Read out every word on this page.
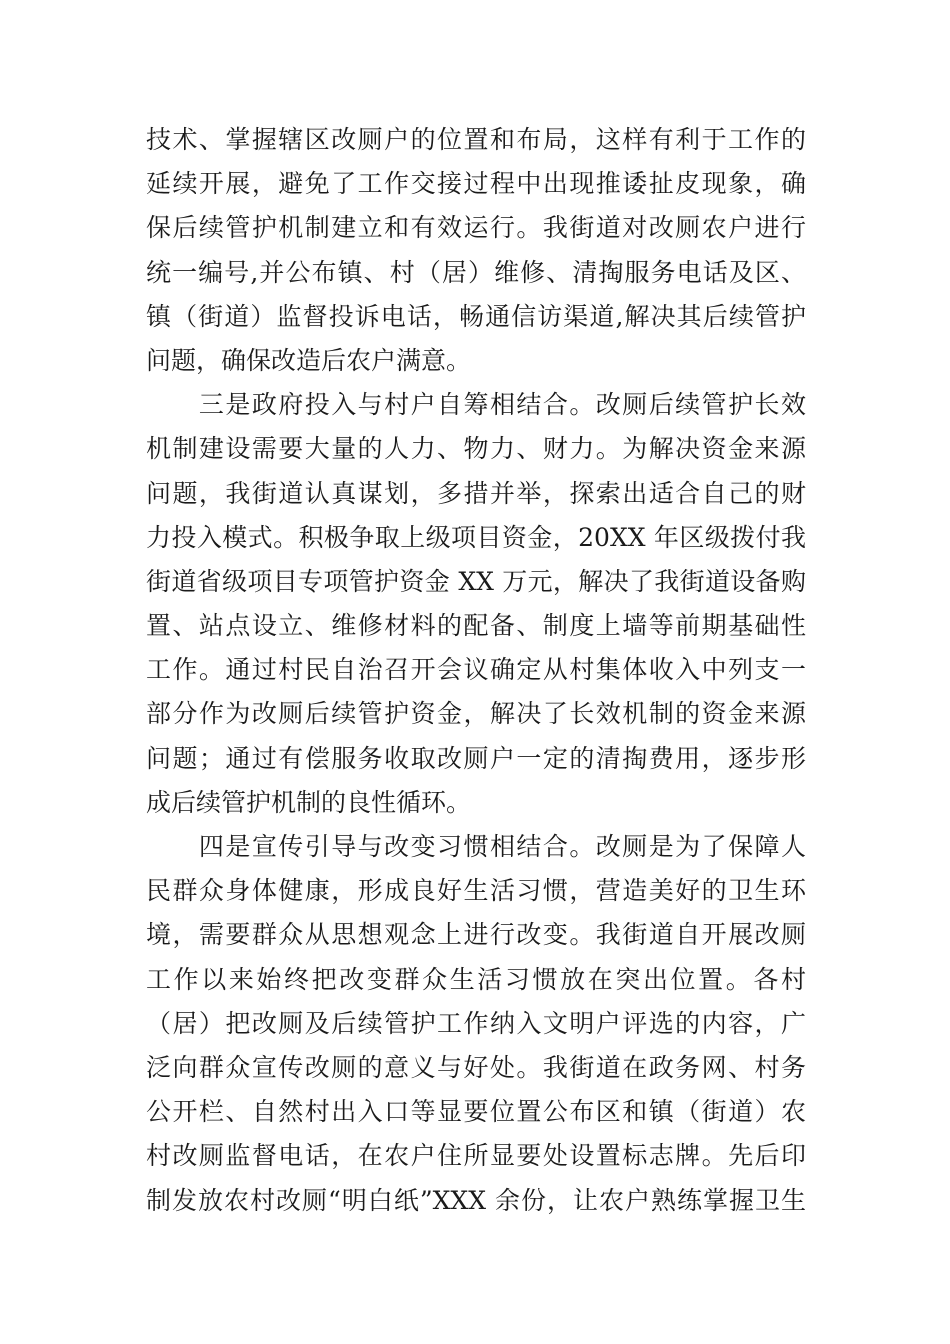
技术、掌握辖区改厕户的位置和布局，这样有利于工作的
延续开展，避免了工作交接过程中出现推诿扯皮现象，确
保后续管护机制建立和有效运行。我街道对改厕农户进行
统一编号,并公布镇、村（居）维修、清掏服务电话及区、
镇（街道）监督投诉电话，畅通信访渠道,解决其后续管护
问题，确保改造后农户满意。
　　三是政府投入与村户自筹相结合。改厕后续管护长效
机制建设需要大量的人力、物力、财力。为解决资金来源
问题，我街道认真谋划，多措并举，探索出适合自己的财
力投入模式。积极争取上级项目资金，20XX 年区级拨付我
街道省级项目专项管护资金 XX 万元，解决了我街道设备购
置、站点设立、维修材料的配备、制度上墙等前期基础性
工作。通过村民自治召开会议确定从村集体收入中列支一
部分作为改厕后续管护资金，解决了长效机制的资金来源
问题；通过有偿服务收取改厕户一定的清掏费用，逐步形
成后续管护机制的良性循环。
　　四是宣传引导与改变习惯相结合。改厕是为了保障人
民群众身体健康，形成良好生活习惯，营造美好的卫生环
境，需要群众从思想观念上进行改变。我街道自开展改厕
工作以来始终把改变群众生活习惯放在突出位置。各村
（居）把改厕及后续管护工作纳入文明户评选的内容，广
泛向群众宣传改厕的意义与好处。我街道在政务网、村务
公开栏、自然村出入口等显要位置公布区和镇（街道）农
村改厕监督电话，在农户住所显要处设置标志牌。先后印
制发放农村改厕“明白纸”XXX 余份，让农户熟练掌握卫生
